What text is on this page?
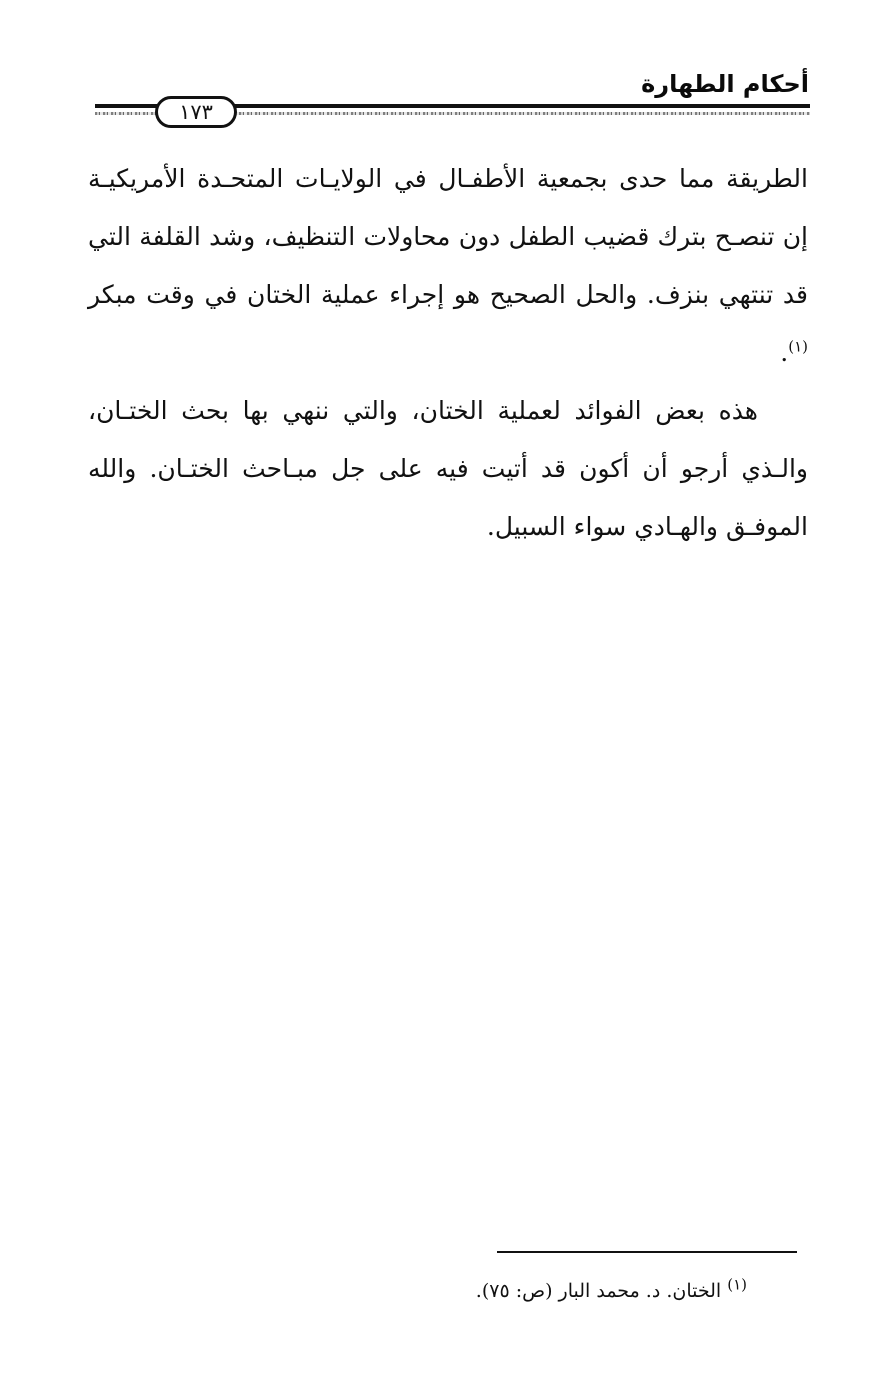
أحكام الطهارة
١٧٣

الطريقة مما حدى بجمعية الأطفـال في الولايـات المتحـدة الأمريكيـة إن تنصـح بترك قضيب الطفل دون محاولات التنظيف، وشد القلفة التي قد تنتهي بنزف. والحل الصحيح هو إجراء عملية الختان في وقت مبكر $^{(١)}$.

هذه بعض الفوائد لعملية الختان، والتي ننهي بها بحث الختـان، والـذي أرجو أن أكون قد أتيت فيه على جل مبـاحث الختـان. والله الموفـق والهـادي سواء السبيل.

$^{(١)}$ الختان. د. محمد البار (ص: ٧٥).
